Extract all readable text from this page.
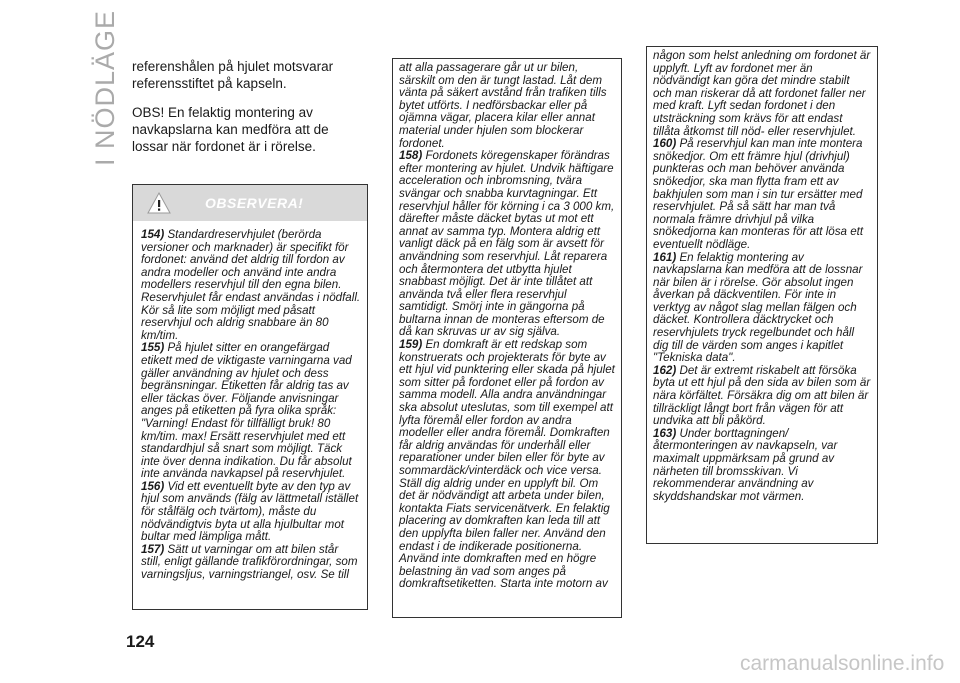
I NÖDLÄGE referenshålen på hjulet motsvarar referensstiftet på kapseln.

OBS! En felaktig montering av navkapslarna kan medföra att de lossar när fordonet är i rörelse.

OBSERVERA!

154) Standardreservhjulet (berörda versioner och marknader) är specifikt för fordonet: använd det aldrig till fordon av andra modeller och använd inte andra modellers reservhjul till den egna bilen. Reservhjulet får endast användas i nödfall. Kör så lite som möjligt med påsatt reservhjul och aldrig snabbare än 80 km/tim.

155) På hjulet sitter en orangefärgad etikett med de viktigaste varningarna vad gäller användning av hjulet och dess begränsningar. Etiketten får aldrig tas av eller täckas över. Följande anvisningar anges på etiketten på fyra olika språk: "Varning! Endast för tillfälligt bruk! 80 km/tim. max! Ersätt reservhjulet med ett standardhjul så snart som möjligt. Täck inte över denna indikation. Du får absolut inte använda navkapsel på reservhjulet.

156) Vid ett eventuellt byte av den typ av hjul som används (fälg av lättmetall istället för stålfälg och tvärtom), måste du nödvändigtvis byta ut alla hjulbultar mot bultar med lämpliga mått.

157) Sätt ut varningar om att bilen står still, enligt gällande trafikförordningar, som varningsljus, varningstriangel, osv. Se till

att alla passagerare går ut ur bilen, särskilt om den är tungt lastad. Låt dem vänta på säkert avstånd från trafiken tills bytet utförts. I nedförsbackar eller på ojämna vägar, placera kilar eller annat material under hjulen som blockerar fordonet.

158) Fordonets köregenskaper förändras efter montering av hjulet. Undvik häftigare acceleration och inbromsning, tvära svängar och snabba kurvtagningar. Ett reservhjul håller för körning i ca 3 000 km, därefter måste däcket bytas ut mot ett annat av samma typ. Montera aldrig ett vanligt däck på en fälg som är avsett för användning som reservhjul. Låt reparera och återmontera det utbytta hjulet snabbast möjligt. Det är inte tillåtet att använda två eller flera reservhjul samtidigt. Smörj inte in gängorna på bultarna innan de monteras eftersom de då kan skruvas ur av sig själva.

159) En domkraft är ett redskap som konstruerats och projekterats för byte av ett hjul vid punktering eller skada på hjulet som sitter på fordonet eller på fordon av samma modell. Alla andra användningar ska absolut uteslutas, som till exempel att lyfta föremål eller fordon av andra modeller eller andra föremål. Domkraften får aldrig användas för underhåll eller reparationer under bilen eller för byte av sommardäck/vinterdäck och vice versa. Ställ dig aldrig under en upplyft bil. Om det är nödvändigt att arbeta under bilen, kontakta Fiats servicenätverk. En felaktig placering av domkraften kan leda till att den upplyfta bilen faller ner. Använd den endast i de indikerade positionerna. Använd inte domkraften med en högre belastning än vad som anges på domkraftsetiketten. Starta inte motorn av

någon som helst anledning om fordonet är upplyft. Lyft av fordonet mer än nödvändigt kan göra det mindre stabilt och man riskerar då att fordonet faller ner med kraft. Lyft sedan fordonet i den utsträckning som krävs för att endast tillåta åtkomst till nöd- eller reservhjulet.

160) På reservhjul kan man inte montera snökedjor. Om ett främre hjul (drivhjul) punkteras och man behöver använda snökedjor, ska man flytta fram ett av bakhjulen som man i sin tur ersätter med reservhjulet. På så sätt har man två normala främre drivhjul på vilka snökedjorna kan monteras för att lösa ett eventuellt nödläge.

161) En felaktig montering av navkapslarna kan medföra att de lossnar när bilen är i rörelse. Gör absolut ingen åverkan på däckventilen. För inte in verktyg av något slag mellan fälgen och däcket. Kontrollera däcktrycket och reservhjulets tryck regelbundet och håll dig till de värden som anges i kapitlet "Tekniska data".

162) Det är extremt riskabelt att försöka byta ut ett hjul på den sida av bilen som är nära körfältet. Försäkra dig om att bilen är tillräckligt långt bort från vägen för att undvika att bli påkörd.

163) Under borttagningen/återmonteringen av navkapseln, var maximalt uppmärksam på grund av närheten till bromsskivan. Vi rekommenderar användning av skyddshandskar mot värmen.

124
carmanualsonline.info
